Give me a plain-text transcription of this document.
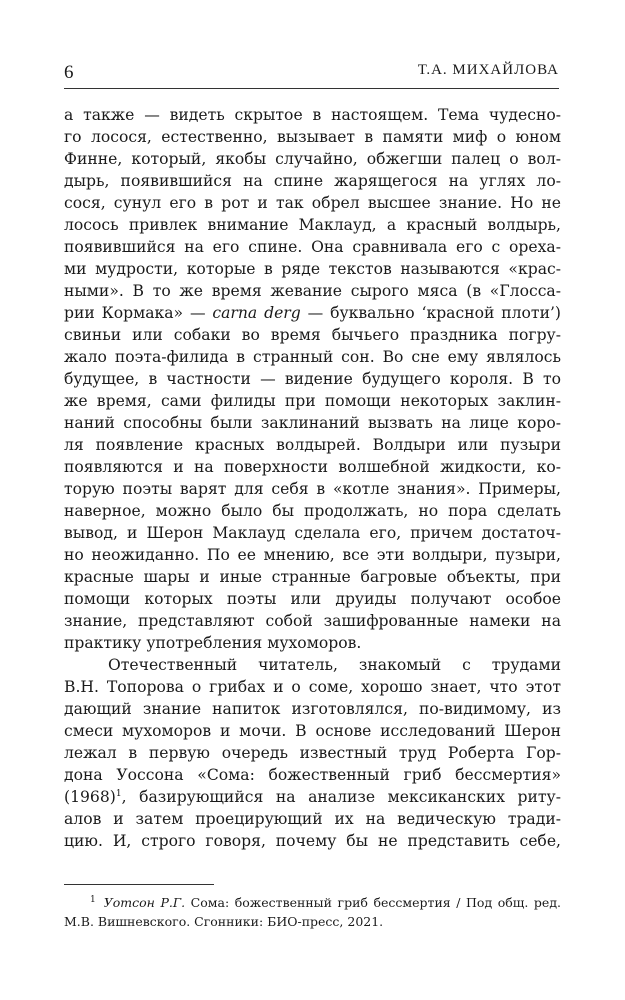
6	Т.А. МИХАЙЛОВА
а также — видеть скрытое в настоящем. Тема чудесно-
го лосося, естественно, вызывает в памяти миф о юном
Финне, который, якобы случайно, обжегши палец о вол-
дырь, появившийся на спине жарящегося на углях ло-
сося, сунул его в рот и так обрел высшее знание. Но не
лосось привлек внимание Маклауд, а красный волдырь,
появившийся на его спине. Она сравнивала его с ореха-
ми мудрости, которые в ряде текстов называются «крас-
ными». В то же время жевание сырого мяса (в «Глосса-
рии Кормака» — carna derg — буквально ‘красной плоти’)
свиньи или собаки во время бычьего праздника погру-
жало поэта-филида в странный сон. Во сне ему являлось
будущее, в частности — видение будущего короля. В то
же время, сами филиды при помощи некоторых заклин-
наний способны были заклинаний вызвать на лице коро-
ля появление красных волдырей. Волдыри или пузыри
появляются и на поверхности волшебной жидкости, ко-
торую поэты варят для себя в «котле знания». Примеры,
наверное, можно было бы продолжать, но пора сделать
вывод, и Шерон Маклауд сделала его, причем достаточ-
но неожиданно. По ее мнению, все эти волдыри, пузыри,
красные шары и иные странные багровые объекты, при
помощи которых поэты или друиды получают особое
знание, представляют собой зашифрованные намеки на
практику употребления мухоморов.
Отечественный читатель, знакомый с трудами
В.Н. Топорова о грибах и о соме, хорошо знает, что этот
дающий знание напиток изготовлялся, по-видимому, из
смеси мухоморов и мочи. В основе исследований Шерон
лежал в первую очередь известный труд Роберта Гор-
дона Уоссона «Сома: божественный гриб бессмертия»
$(1968)^1$, базирующийся на анализе мексиканских риту-
алов и затем проецирующий их на ведическую тради-
цию. И, строго говоря, почему бы не представить себе,
$^1$ Уотсон Р.Г. Сома: божественный гриб бессмертия / Под общ. ред.
М.В. Вишневского. Сгонники: БИО-пресс, 2021.
